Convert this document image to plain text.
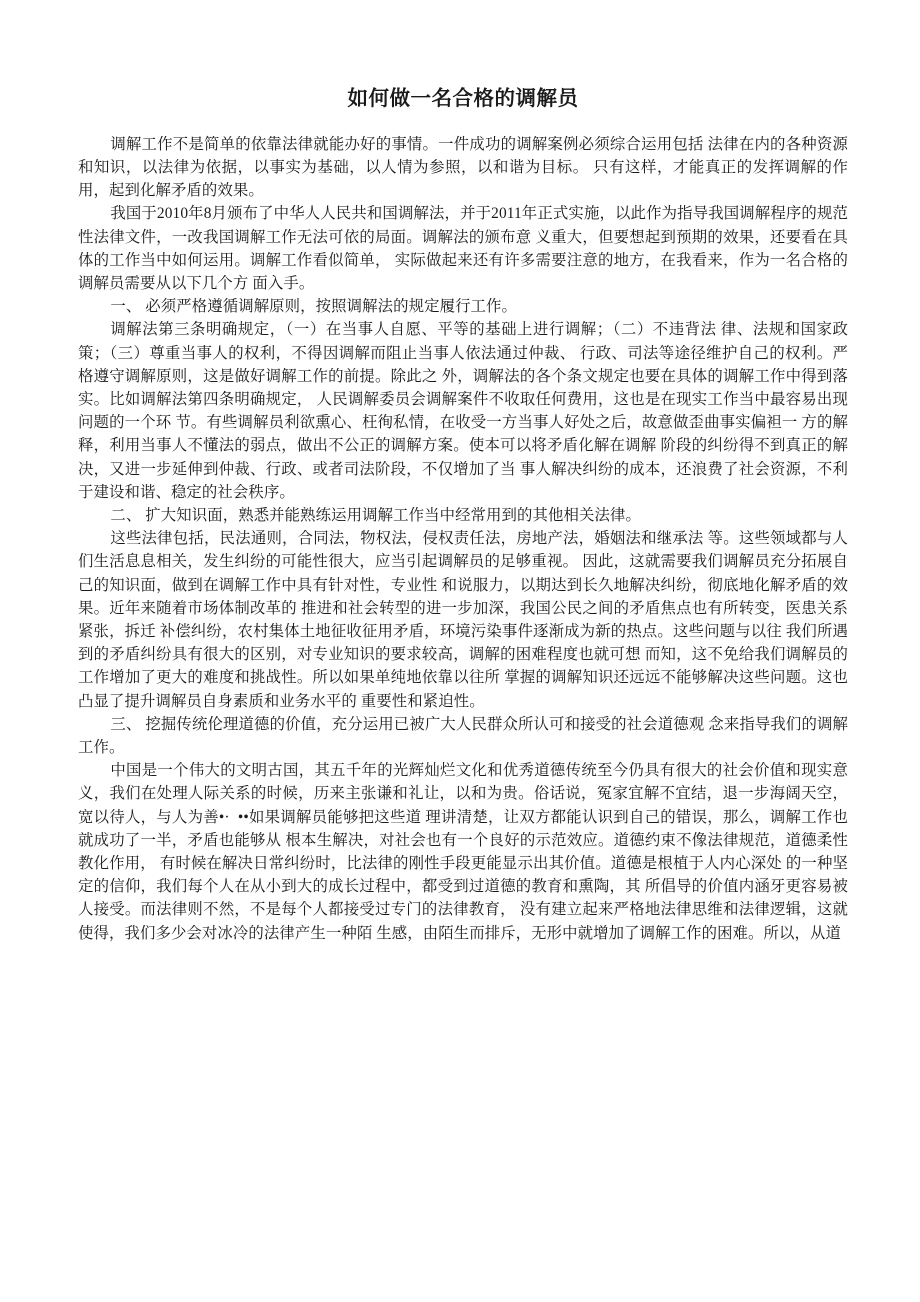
如何做一名合格的调解员

调解工作不是简单的依靠法律就能办好的事情。一件成功的调解案例必须综合运用包括 法律在内的各种资源和知识，以法律为依据，以事实为基础，以人情为参照，以和谐为目标。 只有这样，才能真正的发挥调解的作用，起到化解矛盾的效果。

我国于2010年8月颁布了中华人人民共和国调解法，并于2011年正式实施，以此作为指导我国调解程序的规范性法律文件，一改我国调解工作无法可依的局面。调解法的颁布意 义重大，但要想起到预期的效果，还要看在具体的工作当中如何运用。调解工作看似简单， 实际做起来还有许多需要注意的地方，在我看来，作为一名合格的调解员需要从以下几个方 面入手。

一、 必须严格遵循调解原则，按照调解法的规定履行工作。

调解法第三条明确规定，（一）在当事人自愿、平等的基础上进行调解；（二）不违背法 律、法规和国家政策；（三）尊重当事人的权利，不得因调解而阻止当事人依法通过仲裁、 行政、司法等途径维护自己的权利。严格遵守调解原则，这是做好调解工作的前提。除此之 外，调解法的各个条文规定也要在具体的调解工作中得到落实。比如调解法第四条明确规定， 人民调解委员会调解案件不收取任何费用，这也是在现实工作当中最容易出现问题的一个环 节。有些调解员利欲熏心、枉徇私情，在收受一方当事人好处之后，故意做歪曲事实偏袒一 方的解释，利用当事人不懂法的弱点，做出不公正的调解方案。使本可以将矛盾化解在调解 阶段的纠纷得不到真正的解决，又进一步延伸到仲裁、行政、或者司法阶段，不仅增加了当 事人解决纠纷的成本，还浪费了社会资源，不利于建设和谐、稳定的社会秩序。

二、 扩大知识面，熟悉并能熟练运用调解工作当中经常用到的其他相关法律。

这些法律包括，民法通则，合同法，物权法，侵权责任法，房地产法，婚姻法和继承法 等。这些领域都与人们生活息息相关，发生纠纷的可能性很大，应当引起调解员的足够重视。 因此，这就需要我们调解员充分拓展自己的知识面，做到在调解工作中具有针对性，专业性 和说服力，以期达到长久地解决纠纷，彻底地化解矛盾的效果。近年来随着市场体制改革的 推进和社会转型的进一步加深，我国公民之间的矛盾焦点也有所转变，医患关系紧张，拆迁 补偿纠纷，农村集体土地征收征用矛盾，环境污染事件逐渐成为新的热点。这些问题与以往 我们所遇到的矛盾纠纷具有很大的区别，对专业知识的要求较高，调解的困难程度也就可想 而知，这不免给我们调解员的工作增加了更大的难度和挑战性。所以如果单纯地依靠以往所 掌握的调解知识还远远不能够解决这些问题。这也凸显了提升调解员自身素质和业务水平的 重要性和紧迫性。

三、 挖掘传统伦理道德的价值，充分运用已被广大人民群众所认可和接受的社会道德观 念来指导我们的调解工作。

中国是一个伟大的文明古国，其五千年的光辉灿烂文化和优秀道德传统至今仍具有很大的社会价值和现实意义，我们在处理人际关系的时候，历来主张谦和礼让，以和为贵。俗话说，冤家宜解不宜结，退一步海阔天空，宽以待人，与人为善•·  ••如果调解员能够把这些道 理讲清楚，让双方都能认识到自己的错误，那么，调解工作也就成功了一半，矛盾也能够从 根本生解决，对社会也有一个良好的示范效应。道德约束不像法律规范，道德柔性教化作用， 有时候在解决日常纠纷时，比法律的刚性手段更能显示出其价值。道德是根植于人内心深处 的一种坚定的信仰，我们每个人在从小到大的成长过程中，都受到过道德的教育和熏陶，其 所倡导的价值内涵牙更容易被人接受。而法律则不然，不是每个人都接受过专门的法律教育， 没有建立起来严格地法律思维和法律逻辑，这就使得，我们多少会对冰冷的法律产生一种陌 生感，由陌生而排斥，无形中就增加了调解工作的困难。所以，从道
